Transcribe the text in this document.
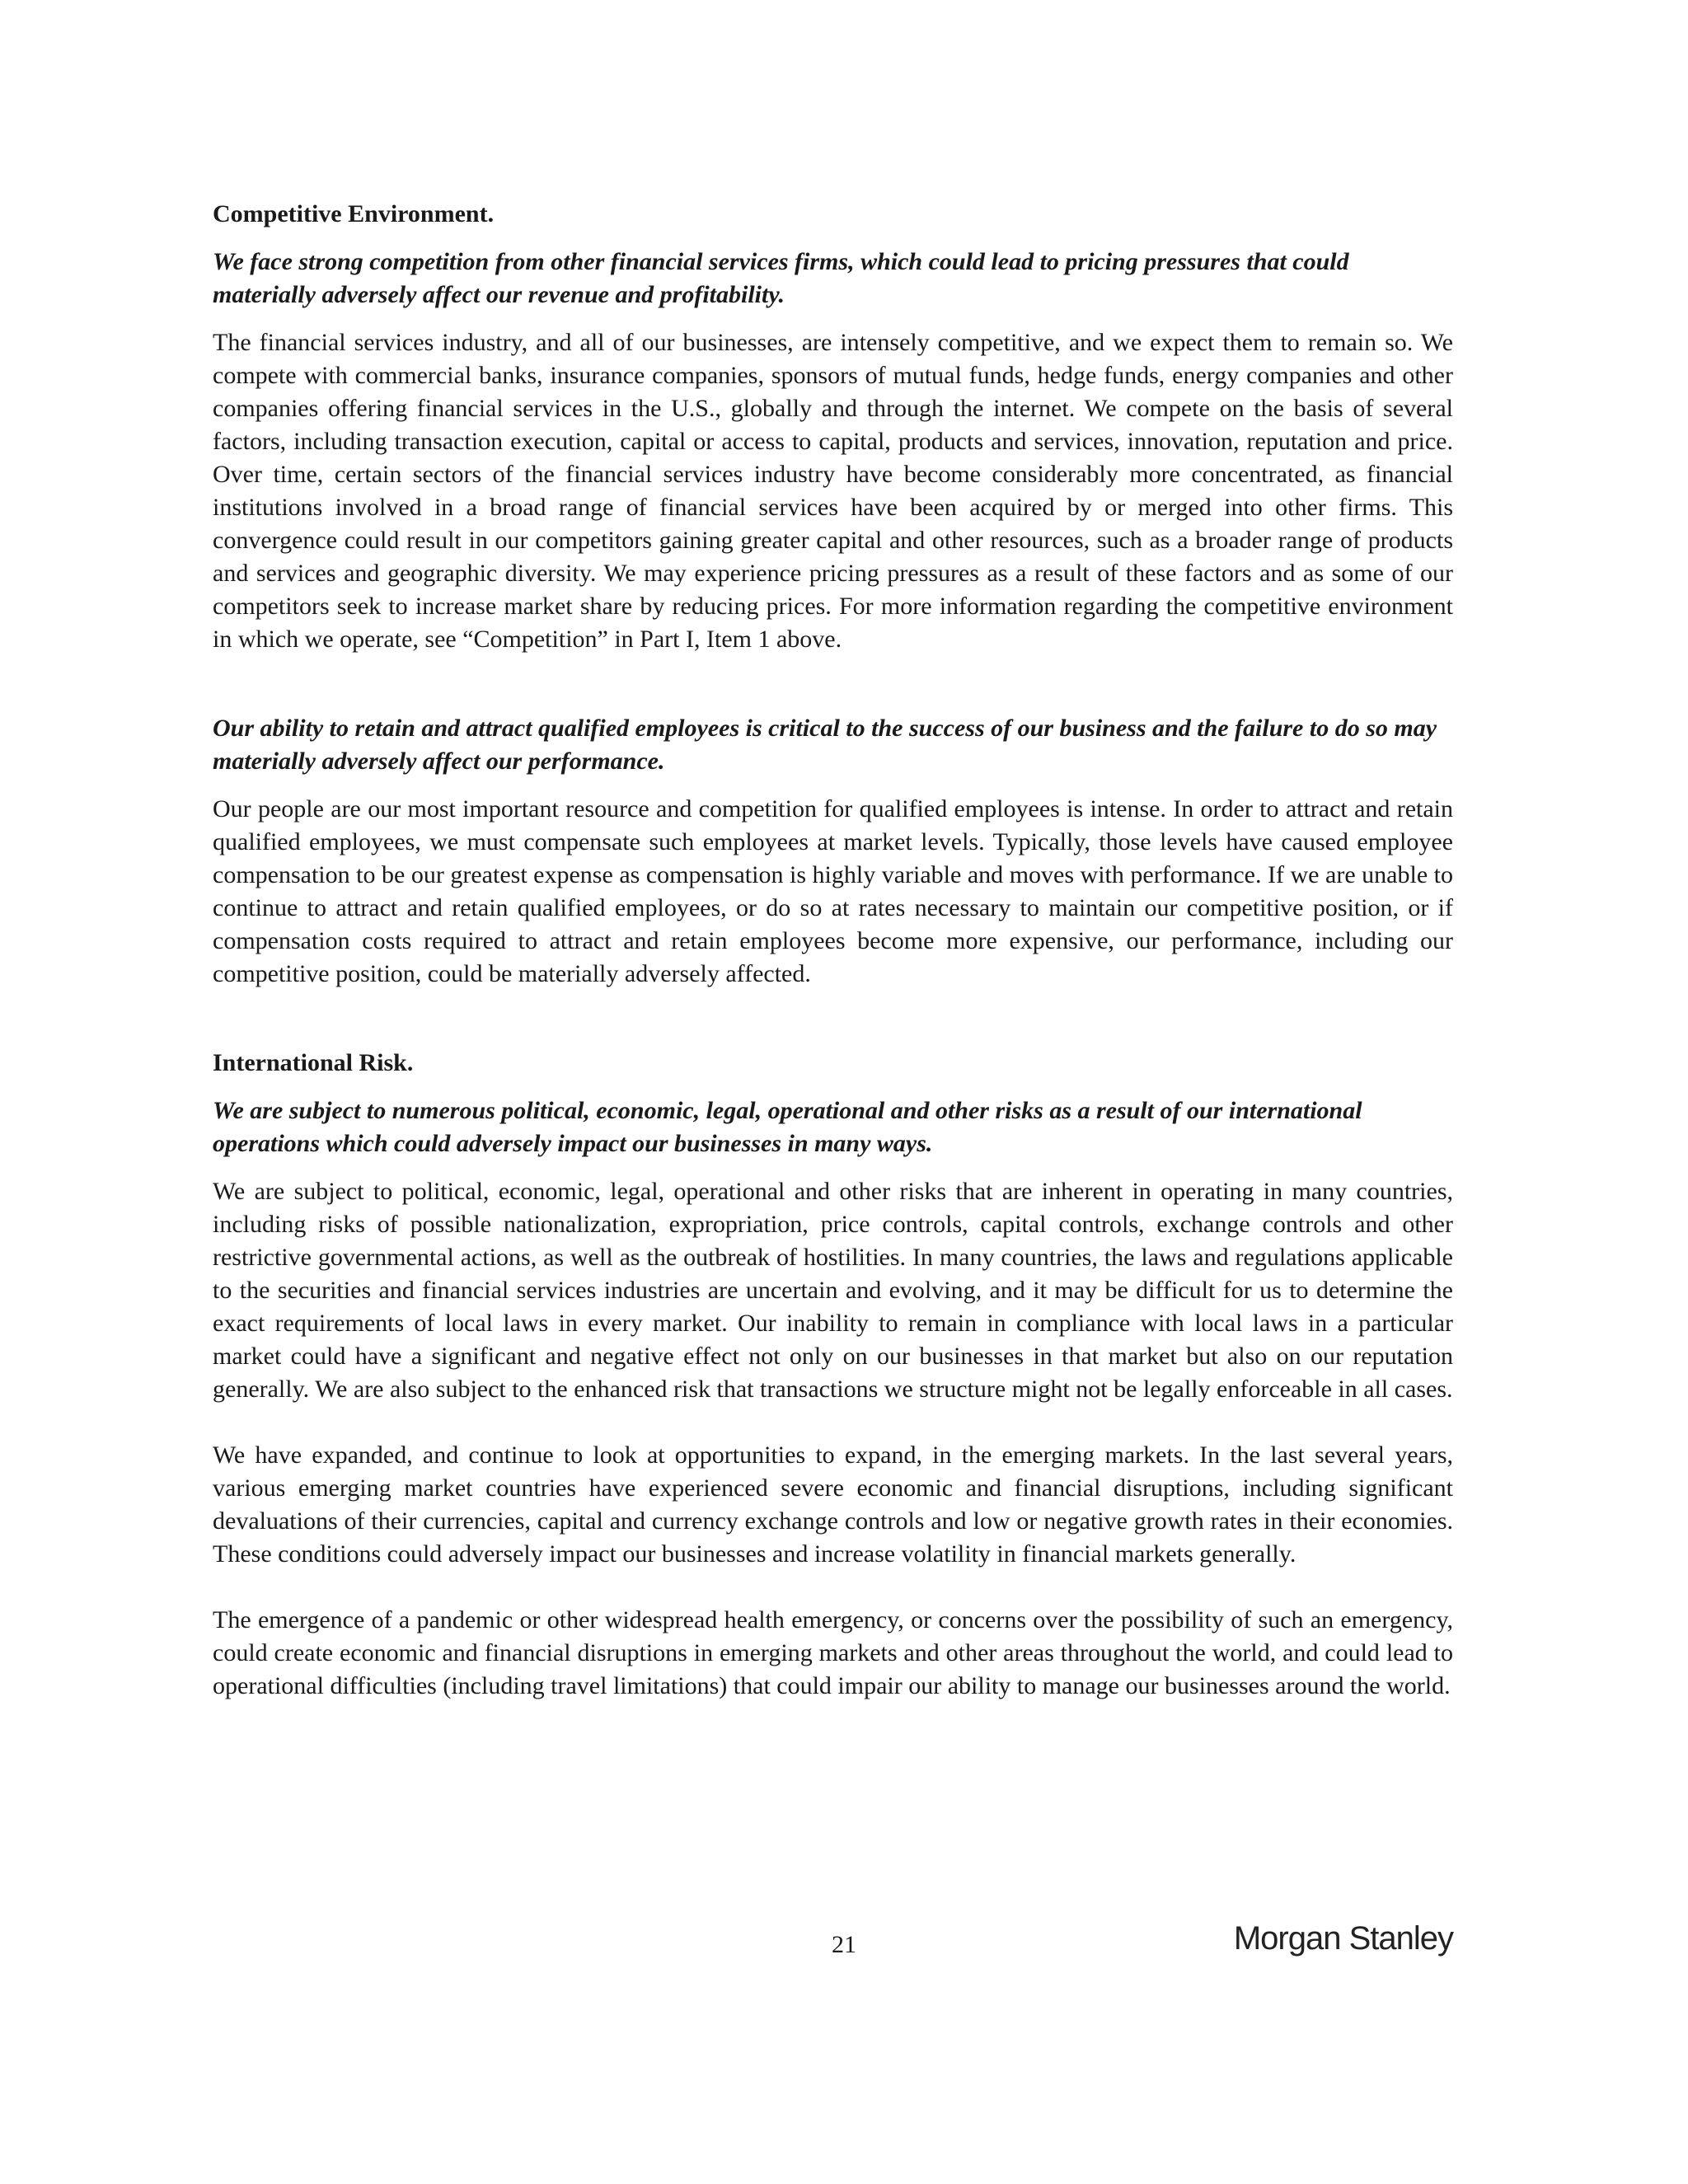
Competitive Environment.
We face strong competition from other financial services firms, which could lead to pricing pressures that could materially adversely affect our revenue and profitability.

The financial services industry, and all of our businesses, are intensely competitive, and we expect them to remain so. We compete with commercial banks, insurance companies, sponsors of mutual funds, hedge funds, energy companies and other companies offering financial services in the U.S., globally and through the internet. We compete on the basis of several factors, including transaction execution, capital or access to capital, products and services, innovation, reputation and price. Over time, certain sectors of the financial services industry have become considerably more concentrated, as financial institutions involved in a broad range of financial services have been acquired by or merged into other firms. This convergence could result in our competitors gaining greater capital and other resources, such as a broader range of products and services and geographic diversity. We may experience pricing pressures as a result of these factors and as some of our competitors seek to increase market share by reducing prices. For more information regarding the competitive environment in which we operate, see “Competition” in Part I, Item 1 above.

Our ability to retain and attract qualified employees is critical to the success of our business and the failure to do so may materially adversely affect our performance.

Our people are our most important resource and competition for qualified employees is intense. In order to attract and retain qualified employees, we must compensate such employees at market levels. Typically, those levels have caused employee compensation to be our greatest expense as compensation is highly variable and moves with performance. If we are unable to continue to attract and retain qualified employees, or do so at rates necessary to maintain our competitive position, or if compensation costs required to attract and retain employees become more expensive, our performance, including our competitive position, could be materially adversely affected.

International Risk.
We are subject to numerous political, economic, legal, operational and other risks as a result of our international operations which could adversely impact our businesses in many ways.

We are subject to political, economic, legal, operational and other risks that are inherent in operating in many countries, including risks of possible nationalization, expropriation, price controls, capital controls, exchange controls and other restrictive governmental actions, as well as the outbreak of hostilities. In many countries, the laws and regulations applicable to the securities and financial services industries are uncertain and evolving, and it may be difficult for us to determine the exact requirements of local laws in every market. Our inability to remain in compliance with local laws in a particular market could have a significant and negative effect not only on our businesses in that market but also on our reputation generally. We are also subject to the enhanced risk that transactions we structure might not be legally enforceable in all cases.

We have expanded, and continue to look at opportunities to expand, in the emerging markets. In the last several years, various emerging market countries have experienced severe economic and financial disruptions, including significant devaluations of their currencies, capital and currency exchange controls and low or negative growth rates in their economies. These conditions could adversely impact our businesses and increase volatility in financial markets generally.

The emergence of a pandemic or other widespread health emergency, or concerns over the possibility of such an emergency, could create economic and financial disruptions in emerging markets and other areas throughout the world, and could lead to operational difficulties (including travel limitations) that could impair our ability to manage our businesses around the world.

21	Morgan Stanley
